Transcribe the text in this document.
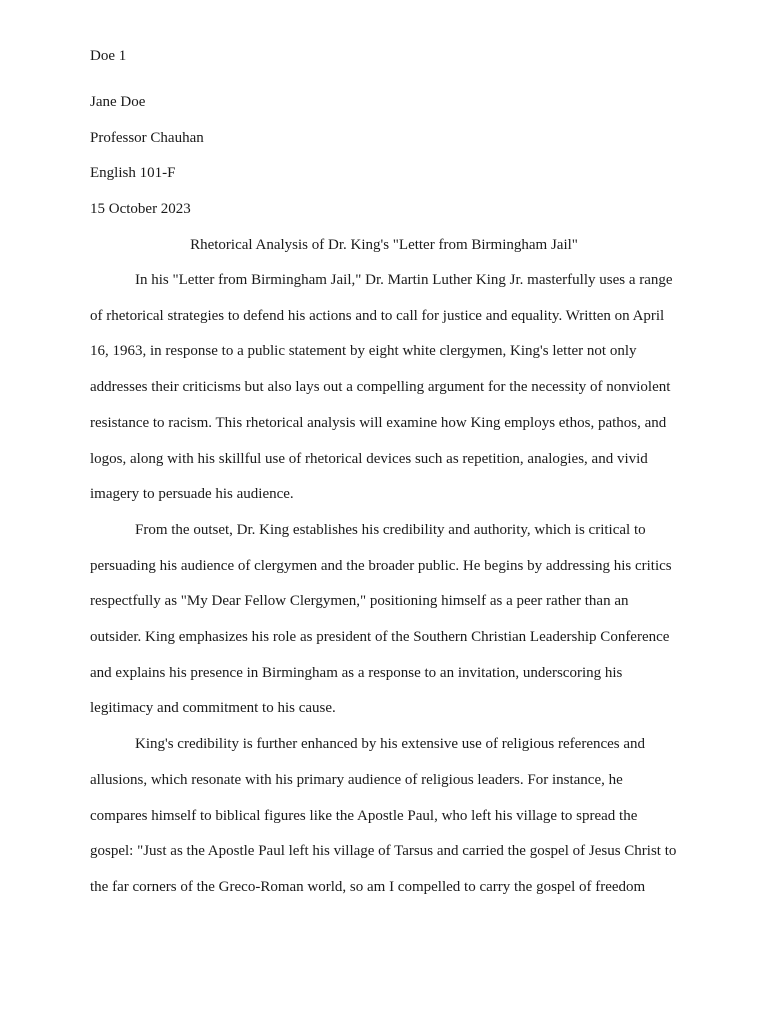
Doe 1
Jane Doe
Professor Chauhan
English 101-F
15 October 2023
Rhetorical Analysis of Dr. King's "Letter from Birmingham Jail"

In his "Letter from Birmingham Jail," Dr. Martin Luther King Jr. masterfully uses a range of rhetorical strategies to defend his actions and to call for justice and equality. Written on April 16, 1963, in response to a public statement by eight white clergymen, King's letter not only addresses their criticisms but also lays out a compelling argument for the necessity of nonviolent resistance to racism. This rhetorical analysis will examine how King employs ethos, pathos, and logos, along with his skillful use of rhetorical devices such as repetition, analogies, and vivid imagery to persuade his audience.

From the outset, Dr. King establishes his credibility and authority, which is critical to persuading his audience of clergymen and the broader public. He begins by addressing his critics respectfully as "My Dear Fellow Clergymen," positioning himself as a peer rather than an outsider. King emphasizes his role as president of the Southern Christian Leadership Conference and explains his presence in Birmingham as a response to an invitation, underscoring his legitimacy and commitment to his cause.

King's credibility is further enhanced by his extensive use of religious references and allusions, which resonate with his primary audience of religious leaders. For instance, he compares himself to biblical figures like the Apostle Paul, who left his village to spread the gospel: "Just as the Apostle Paul left his village of Tarsus and carried the gospel of Jesus Christ to the far corners of the Greco-Roman world, so am I compelled to carry the gospel of freedom
